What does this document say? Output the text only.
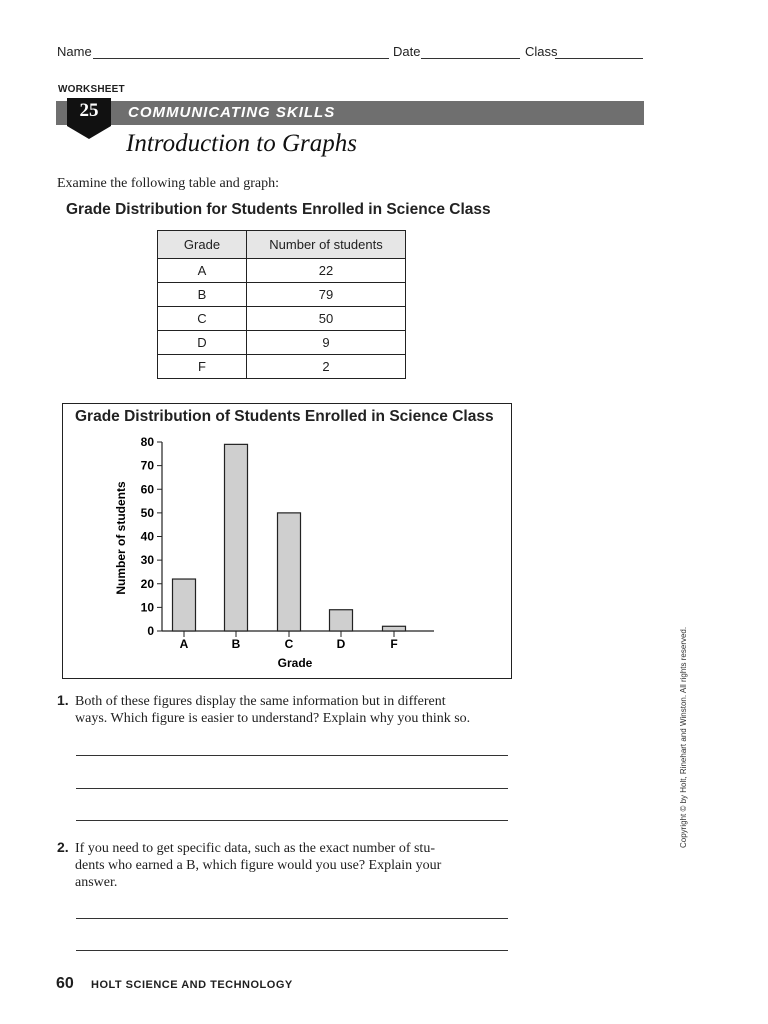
Name	Date	Class
WORKSHEET
25	COMMUNICATING SKILLS
Introduction to Graphs
Examine the following table and graph:
Grade Distribution for Students Enrolled in Science Class
Grade	Number of students
A	22
B	79
C	50
D	9
F	2
Grade Distribution of Students Enrolled in Science Class
0
10
20
30
40
50
60
70
80
A	B	C	D	F
Grade
Number of students
1. Both of these figures display the same information but in different
ways. Which figure is easier to understand? Explain why you think so.
2. If you need to get specific data, such as the exact number of stu-
dents who earned a B, which figure would you use? Explain your
answer.
60 HOLT SCIENCE AND TECHNOLOGY
Copyright © by Holt, Rinehart and Winston. All rights reserved.
